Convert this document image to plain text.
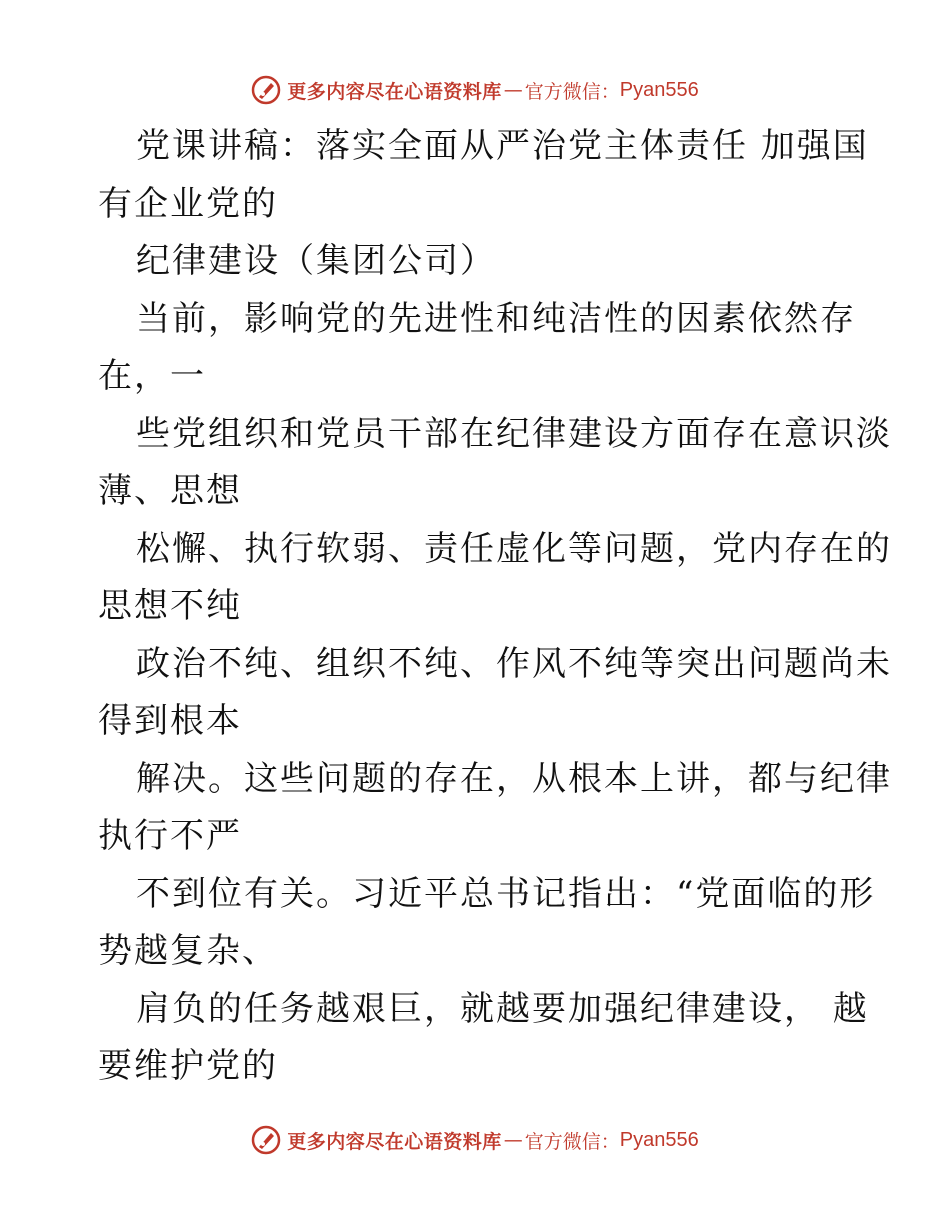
更多内容尽在心语资料库 — 官方微信： Pyan556
党课讲稿：落实全面从严治党主体责任 加强国
有企业党的
纪律建设（集团公司）
当前，影响党的先进性和纯洁性的因素依然存
在，一
些党组织和党员干部在纪律建设方面存在意识淡
薄、思想
松懈、执行软弱、责任虚化等问题，党内存在的
思想不纯
政治不纯、组织不纯、作风不纯等突出问题尚未
得到根本
解决。这些问题的存在，从根本上讲，都与纪律
执行不严
不到位有关。习近平总书记指出：“党面临的形
势越复杂、
肩负的任务越艰巨，就越要加强纪律建设， 越
要维护党的
更多内容尽在心语资料库 — 官方微信： Pyan556
